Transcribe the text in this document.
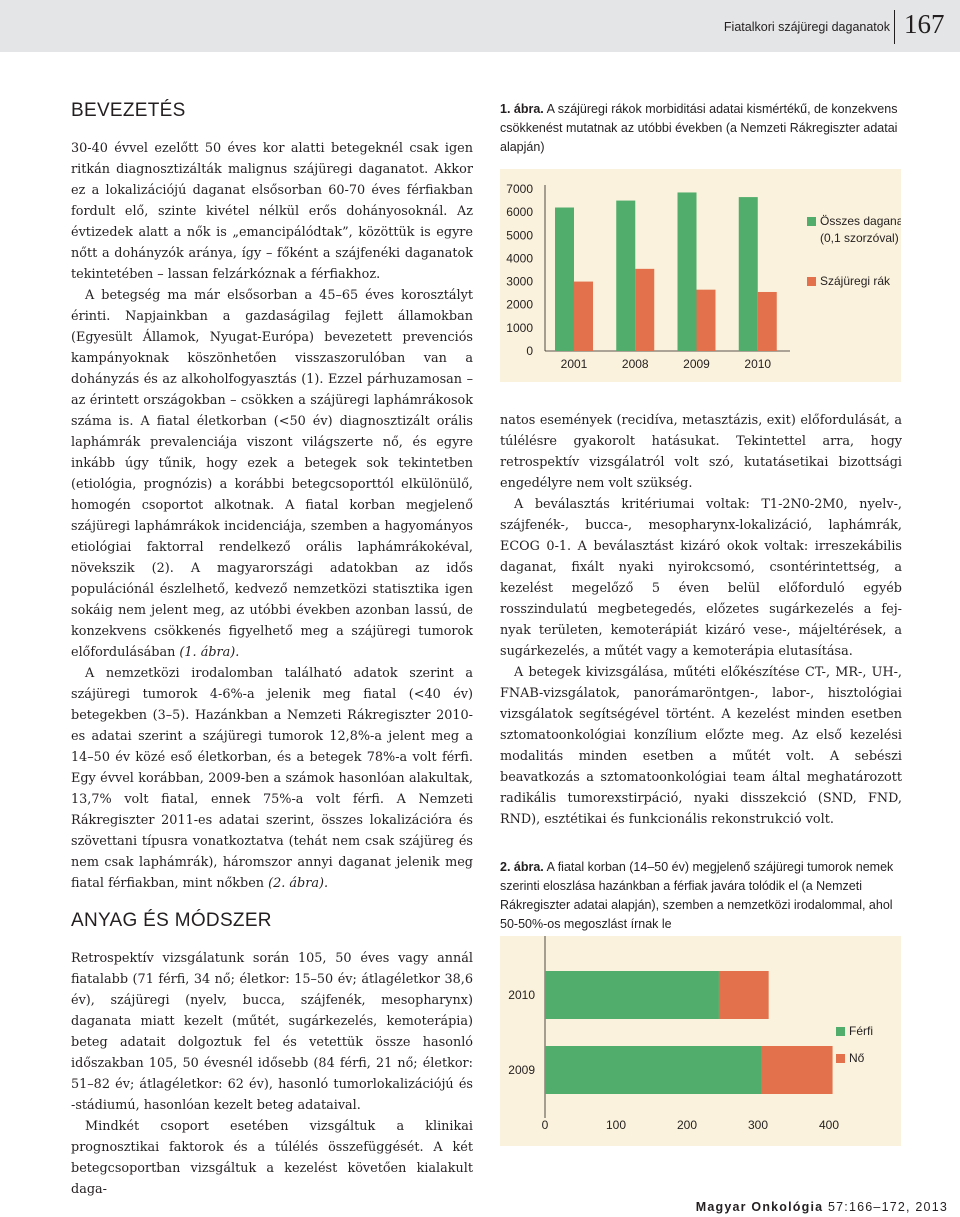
Fiatalkori szájüregi daganatok 167
BEVEZETÉS

30-40 évvel ezelőtt 50 éves kor alatti betegeknél csak igen ritkán diagnosztizálták malignus szájüregi daganatot. Akkor ez a lokalizációjú daganat elsősorban 60-70 éves férfiakban fordult elő, szinte kivétel nélkül erős dohányosoknál. Az évtizedek alatt a nők is „emancipálódtak”, közöttük is egyre nőtt a dohányzók aránya, így – főként a szájfenéki daganatok tekintetében – lassan felzárkóznak a férfiakhoz.

A betegség ma már elsősorban a 45–65 éves korosztályt érinti. Napjainkban a gazdaságilag fejlett államokban (Egyesült Államok, Nyugat-Európa) bevezetett prevenciós kampányoknak köszönhetően visszaszorulóban van a dohányzás és az alkoholfogyasztás (1). Ezzel párhuzamosan – az érintett országokban – csökken a szájüregi laphámrákosok száma is. A fiatal életkorban (<50 év) diagnosztizált orális laphámrák prevalenciája viszont világszerte nő, és egyre inkább úgy tűnik, hogy ezek a betegek sok tekintetben (etiológia, prognózis) a korábbi betegcsoporttól elkülönülő, homogén csoportot alkotnak. A fiatal korban megjelenő szájüregi laphámrákok incidenciája, szemben a hagyományos etiológiai faktorral rendelkező orális laphámrákokéval, növekszik (2). A magyarországi adatokban az idős populációnál észlelhető, kedvező nemzetközi statisztika igen sokáig nem jelent meg, az utóbbi években azonban lassú, de konzekvens csökkenés figyelhető meg a szájüregi tumorok előfordulásában (1. ábra).

A nemzetközi irodalomban található adatok szerint a szájüregi tumorok 4-6%-a jelenik meg fiatal (<40 év) betegekben (3–5). Hazánkban a Nemzeti Rákregiszter 2010-es adatai szerint a szájüregi tumorok 12,8%-a jelent meg a 14–50 év közé eső életkorban, és a betegek 78%-a volt férfi. Egy évvel korábban, 2009-ben a számok hasonlóan alakultak, 13,7% volt fiatal, ennek 75%-a volt férfi. A Nemzeti Rákregiszter 2011-es adatai szerint, összes lokalizációra és szövettani típusra vonatkoztatva (tehát nem csak szájüreg és nem csak laphámrák), háromszor annyi daganat jelenik meg fiatal férfiakban, mint nőkben (2. ábra).

ANYAG ÉS MÓDSZER

Retrospektív vizsgálatunk során 105, 50 éves vagy annál fiatalabb (71 férfi, 34 nő; életkor: 15–50 év; átlagéletkor 38,6 év), szájüregi (nyelv, bucca, szájfenék, mesopharynx) daganata miatt kezelt (műtét, sugárkezelés, kemoterápia) beteg adatait dolgoztuk fel és vetettük össze hasonló időszakban 105, 50 évesnél idősebb (84 férfi, 21 nő; életkor: 51–82 év; átlagéletkor: 62 év), hasonló tumorlokalizációjú és -stádiumú, hasonlóan kezelt beteg adataival.

Mindkét csoport esetében vizsgáltuk a klinikai prognosztikai faktorok és a túlélés összefüggését. A két betegcsoportban vizsgáltuk a kezelést követően kialakult daga-

1. ábra. A szájüregi rákok morbiditási adatai kismértékű, de konzekvens csökkenést mutatnak az utóbbi években (a Nemzeti Rákregiszter adatai alapján)

0
1000
2000
3000
4000
5000
6000
7000
2001	2008	2009	2010
Összes daganat
(0,1 szorzóval)
Szájüregi rák

natos események (recidíva, metasztázis, exit) előfordulását, a túlélésre gyakorolt hatásukat. Tekintettel arra, hogy retrospektív vizsgálatról volt szó, kutatásetikai bizottsági engedélyre nem volt szükség.

A beválasztás kritériumai voltak: T1-2N0-2M0, nyelv-, szájfenék-, bucca-, mesopharynx-lokalizáció, laphámrák, ECOG 0-1. A beválasztást kizáró okok voltak: irreszekábilis daganat, fixált nyaki nyirokcsomó, csontérintettség, a kezelést megelőző 5 éven belül előforduló egyéb rosszindulatú megbetegedés, előzetes sugárkezelés a fej-nyak területen, kemoterápiát kizáró vese-, májeltérések, a sugárkezelés, a műtét vagy a kemoterápia elutasítása.

A betegek kivizsgálása, műtéti előkészítése CT-, MR-, UH-, FNAB-vizsgálatok, panorámaröntgen-, labor-, hisztológiai vizsgálatok segítségével történt. A kezelést minden esetben sztomatoonkológiai konzílium előzte meg. Az első kezelési modalitás minden esetben a műtét volt. A sebészi beavatkozás a sztomatoonkológiai team által meghatározott radikális tumorexstirpáció, nyaki disszekció (SND, FND, RND), esztétikai és funkcionális rekonstrukció volt.

2. ábra. A fiatal korban (14–50 év) megjelenő szájüregi tumorok nemek szerinti eloszlása hazánkban a férfiak javára tolódik el (a Nemzeti Rákregiszter adatai alapján), szemben a nemzetközi irodalommal, ahol 50-50%-os megoszlást írnak le

0	100	200	300	400
2010
2009
Férfi
Nő
Magyar Onkológia 57:166–172, 2013
